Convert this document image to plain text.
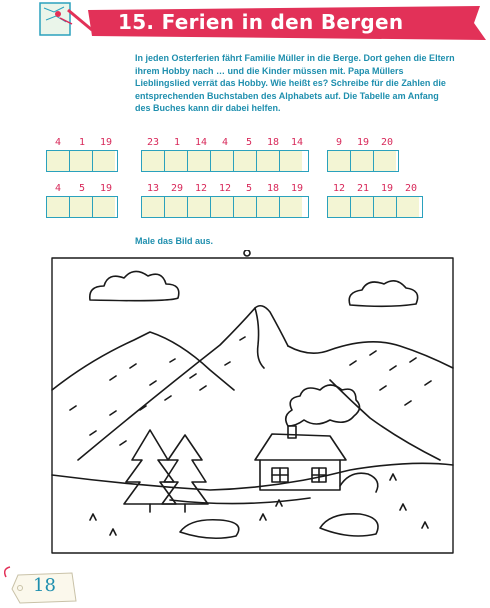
15. Ferien in den Bergen
In jeden Osterferien fährt Familie Müller in die Berge. Dort gehen die Eltern ihrem Hobby nach … und die Kinder müssen mit. Papa Müllers Lieblingslied verrät das Hobby. Wie heißt es? Schreibe für die Zahlen die entsprechenden Buchstaben des Alphabets auf. Die Tabelle am Anfang des Buches kann dir dabei helfen.
4	1	19	23	1	14	4	5	18	14	9	19	20
4	5	19	13	29	12	12	5	18	19	12	21	19	20
Male das Bild aus.
18
